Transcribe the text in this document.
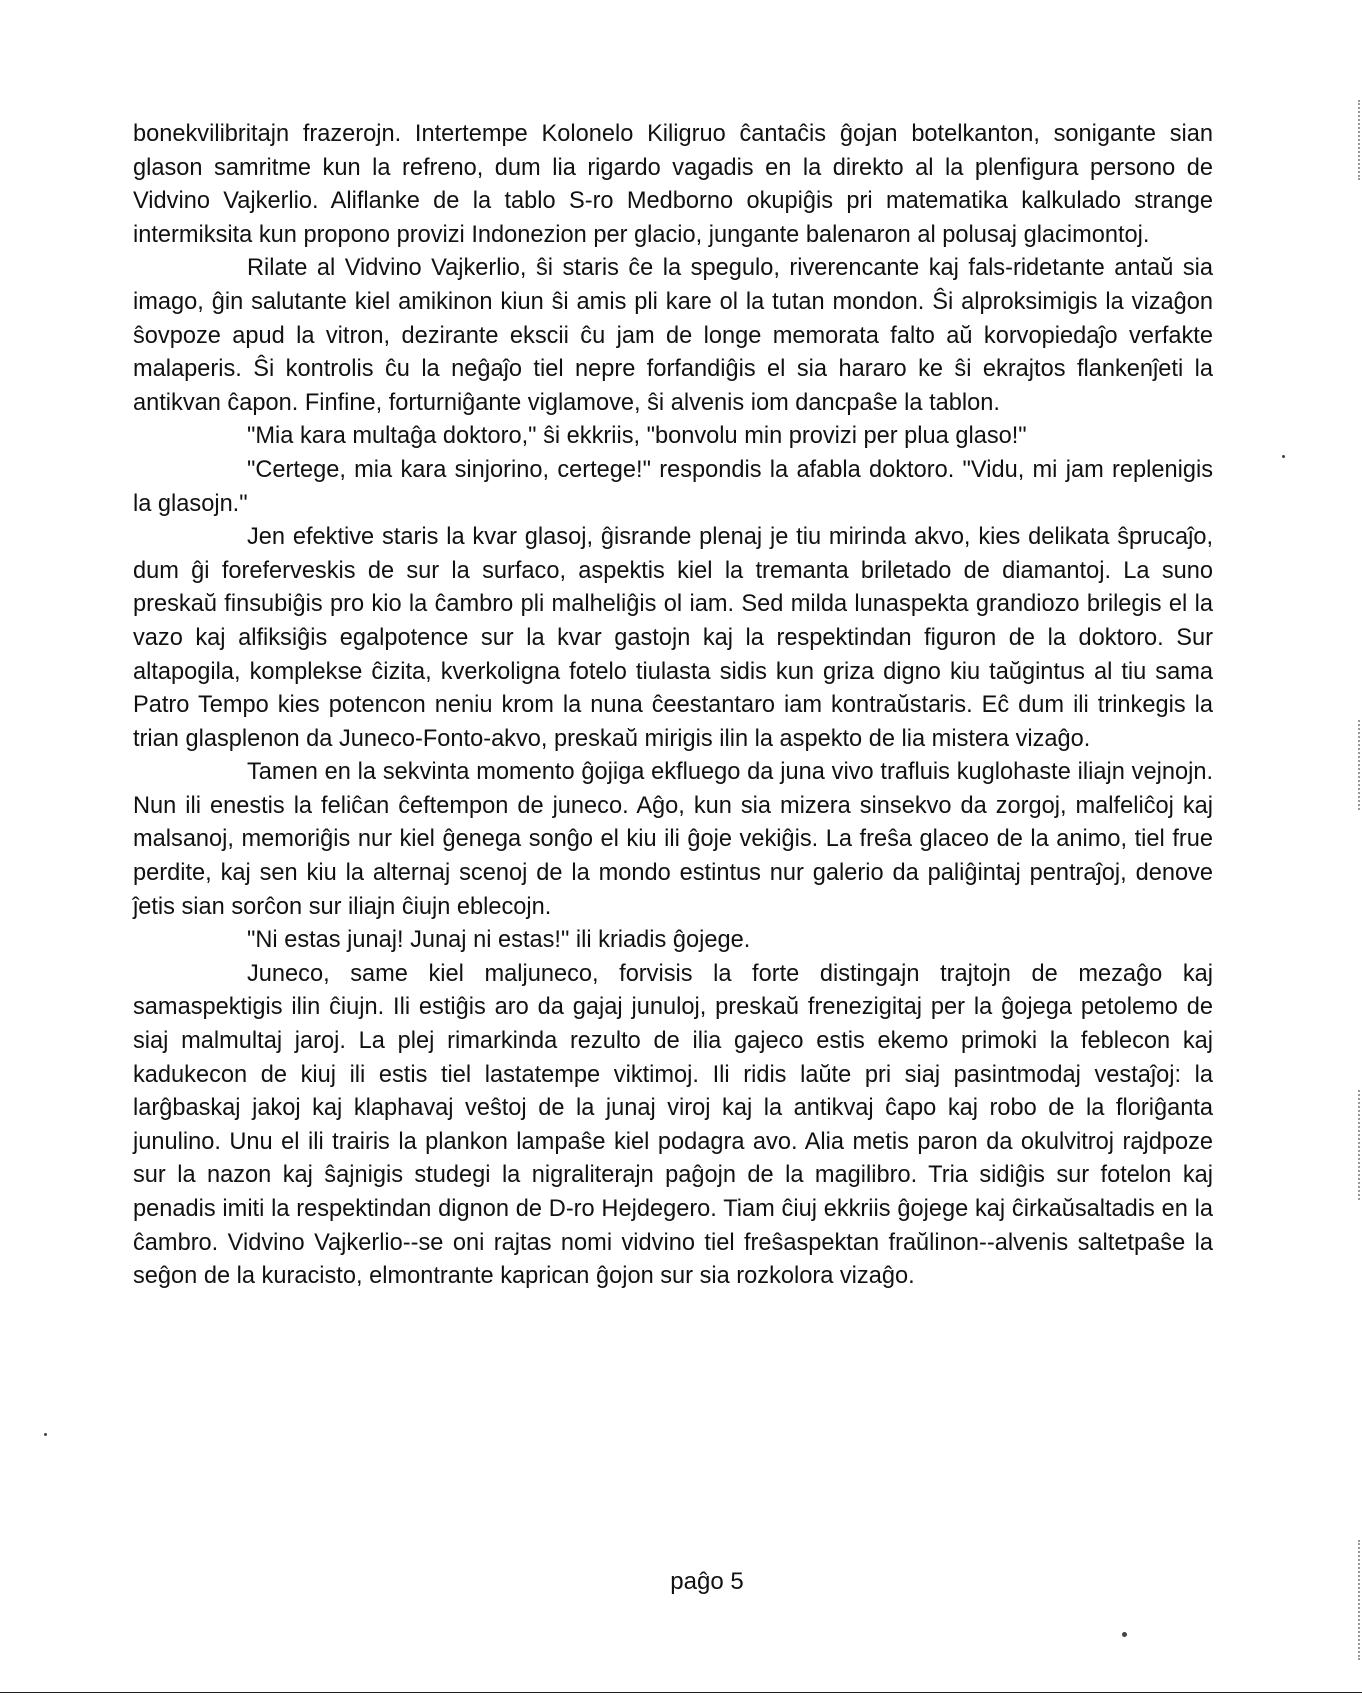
bonekvilibritajn frazerojn. Intertempe Kolonelo Kiligruo ĉantaĉis ĝojan botelkanton, sonigante sian glason samritme kun la refreno, dum lia rigardo vagadis en la direkto al la plenfigura persono de Vidvino Vajkerlio. Aliflanke de la tablo S-ro Medborno okupiĝis pri matematika kalkulado strange intermiksita kun propono provizi Indonezion per glacio, jungante balenaron al polusaj glacimontoj.

Rilate al Vidvino Vajkerlio, ŝi staris ĉe la spegulo, riverencante kaj fals-ridetante antaŭ sia imago, ĝin salutante kiel amikinon kiun ŝi amis pli kare ol la tutan mondon. Ŝi alproksimigis la vizaĝon ŝovpoze apud la vitron, dezirante ekscii ĉu jam de longe memorata falto aŭ korvopiedaĵo verfakte malaperis. Ŝi kontrolis ĉu la neĝaĵo tiel nepre forfandiĝis el sia hararo ke ŝi ekrajtos flankenĵeti la antikvan ĉapon. Finfine, forturniĝante viglamove, ŝi alvenis iom dancpaŝe la tablon.

"Mia kara multaĝa doktoro," ŝi ekkriis, "bonvolu min provizi per plua glaso!"

"Certege, mia kara sinjorino, certege!" respondis la afabla doktoro. "Vidu, mi jam replenigis la glasojn."

Jen efektive staris la kvar glasoj, ĝisrande plenaj je tiu mirinda akvo, kies delikata ŝprucaĵo, dum ĝi foreferveskis de sur la surfaco, aspektis kiel la tremanta briletado de diamantoj. La suno preskaŭ finsubiĝis pro kio la ĉambro pli malheliĝis ol iam. Sed milda lunaspekta grandiozo brilegis el la vazo kaj alfiksiĝis egalpotence sur la kvar gastojn kaj la respektindan figuron de la doktoro. Sur altapogila, komplekse ĉizita, kverkoligna fotelo tiulasta sidis kun griza digno kiu taŭgintus al tiu sama Patro Tempo kies potencon neniu krom la nuna ĉeestantaro iam kontraŭstaris. Eĉ dum ili trinkegis la trian glasplenon da Juneco-Fonto-akvo, preskaŭ mirigis ilin la aspekto de lia mistera vizaĝo.

Tamen en la sekvinta momento ĝojiga ekfluego da juna vivo trafluis kuglohaste iliajn vejnojn. Nun ili enestis la feliĉan ĉeftempon de juneco. Aĝo, kun sia mizera sinsekvo da zorgoj, malfeliĉoj kaj malsanoj, memoriĝis nur kiel ĝenega sonĝo el kiu ili ĝoje vekiĝis. La freŝa glaceo de la animo, tiel frue perdite, kaj sen kiu la alternaj scenoj de la mondo estintus nur galerio da paliĝintaj pentraĵoj, denove ĵetis sian sorĉon sur iliajn ĉiujn eblecojn.

"Ni estas junaj! Junaj ni estas!" ili kriadis ĝojege.

Juneco, same kiel maljuneco, forvisis la forte distingajn trajtojn de mezaĝo kaj samaspektigis ilin ĉiujn. Ili estiĝis aro da gajaj junuloj, preskaŭ frenezigitaj per la ĝojega petolemo de siaj malmultaj jaroj. La plej rimarkinda rezulto de ilia gajeco estis ekemo primoki la feblecon kaj kadukecon de kiuj ili estis tiel lastatempe viktimoj. Ili ridis laŭte pri siaj pasintmodaj vestaĵoj: la larĝbaskaj jakoj kaj klaphavaj veŝtoj de la junaj viroj kaj la antikvaj ĉapo kaj robo de la floriĝanta junulino. Unu el ili trairis la plankon lampaŝe kiel podagra avo. Alia metis paron da okulvitroj rajdpoze sur la nazon kaj ŝajnigis studegi la nigraliterajn paĝojn de la magilibro. Tria sidiĝis sur fotelon kaj penadis imiti la respektindan dignon de D-ro Hejdegero. Tiam ĉiuj ekkriis ĝojege kaj ĉirkaŭsaltadis en la ĉambro. Vidvino Vajkerlio--se oni rajtas nomi vidvino tiel freŝaspektan fraŭlinon--alvenis saltetpaŝe la seĝon de la kuracisto, elmontrante kaprican ĝojon sur sia rozkolora vizaĝo.

paĝo 5
